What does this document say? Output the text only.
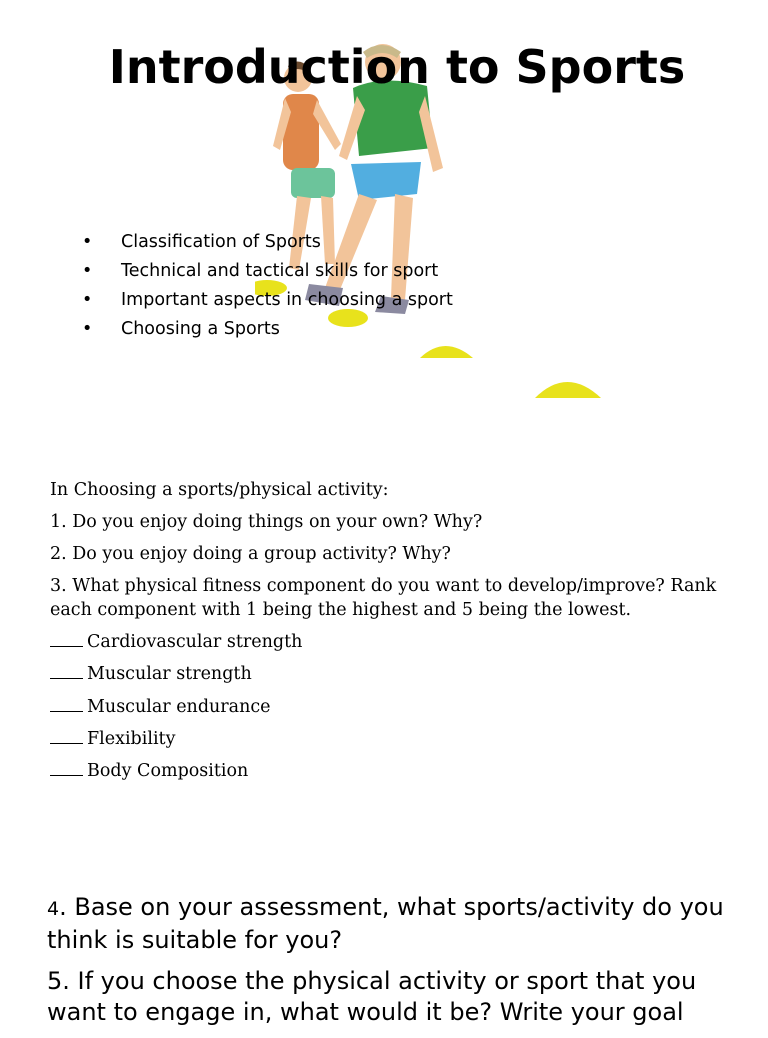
Introduction to Sports
• Classification of Sports
• Technical and tactical skills for sport
• Important aspects in choosing a sport
• Choosing a Sports

In Choosing a sports/physical activity:

1. Do you enjoy doing things on your own? Why?

2. Do you enjoy doing a group activity? Why?

3. What physical fitness component do you want to develop/improve? Rank each component with 1 being the highest and 5 being the lowest.

Cardiovascular strength
Muscular strength
Muscular endurance
Flexibility
Body Composition

4. Base on your assessment, what sports/activity do you think is suitable for you?

5. If you choose the physical activity or sport that you want to engage in, what would it be? Write your goal
